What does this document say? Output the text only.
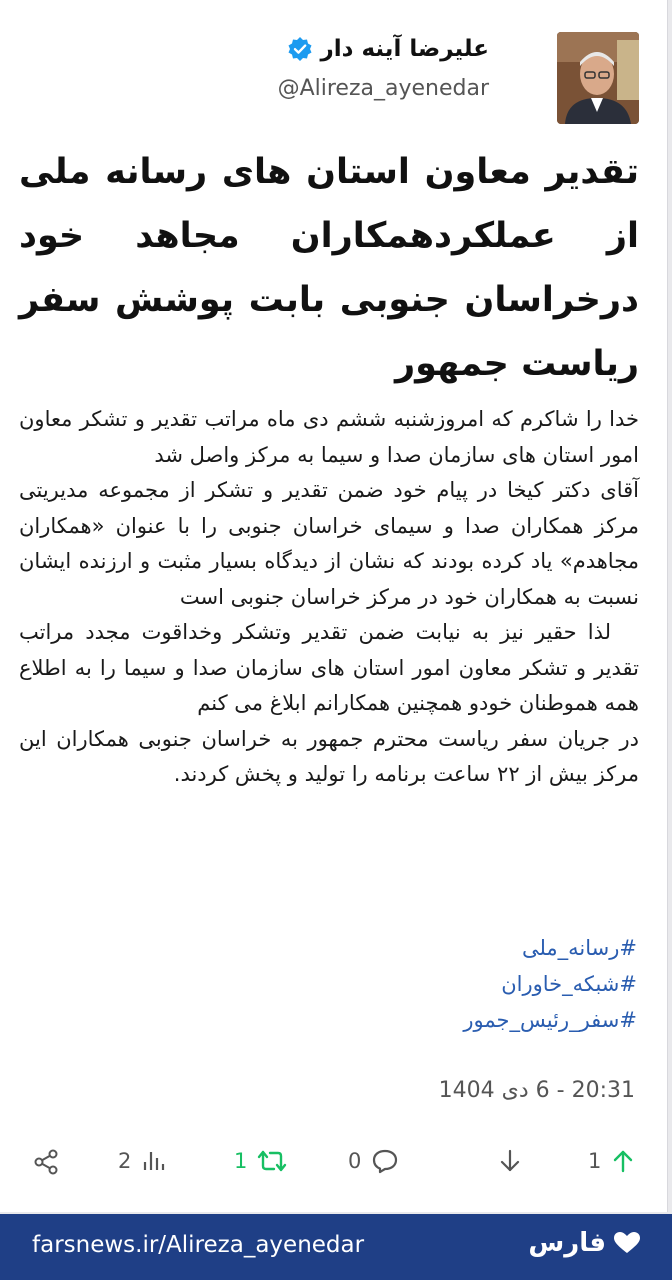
علیرضا آینه دار
@Alireza_ayenedar
تقدیر معاون استان های رسانه ملی از عملکردهمکاران مجاهد خود درخراسان جنوبی بابت پوشش سفر ریاست جمهور

خدا را شاکرم که امروزشنبه ششم دی ماه مراتب تقدیر و تشکر معاون امور استان های سازمان صدا و سیما به مرکز واصل شد

آقای دکتر کیخا در پیام خود ضمن تقدیر و تشکر از مجموعه مدیریتی مرکز همکاران صدا و سیمای خراسان جنوبی را با عنوان «همکاران مجاهدم» یاد کرده بودند که نشان از دیدگاه بسیار مثبت و ارزنده ایشان نسبت به همکاران خود در مرکز خراسان جنوبی است

لذا حقیر نیز به نیابت ضمن تقدیر وتشکر وخداقوت مجدد مراتب تقدیر و تشکر معاون امور استان های سازمان صدا و سیما را به اطلاع همه هموطنان خودو همچنین همکارانم ابلاغ می کنم

در جریان سفر ریاست محترم جمهور به خراسان جنوبی همکاران این مرکز بیش از ۲۲ ساعت برنامه را تولید و پخش کردند.

#رسانه_ملی
#شبکه_خاوران
#سفر_رئیس_جمور
20:31 - 6 دی 1404
2	1	0	1
farsnews.ir/Alireza_ayenedar	فارس
